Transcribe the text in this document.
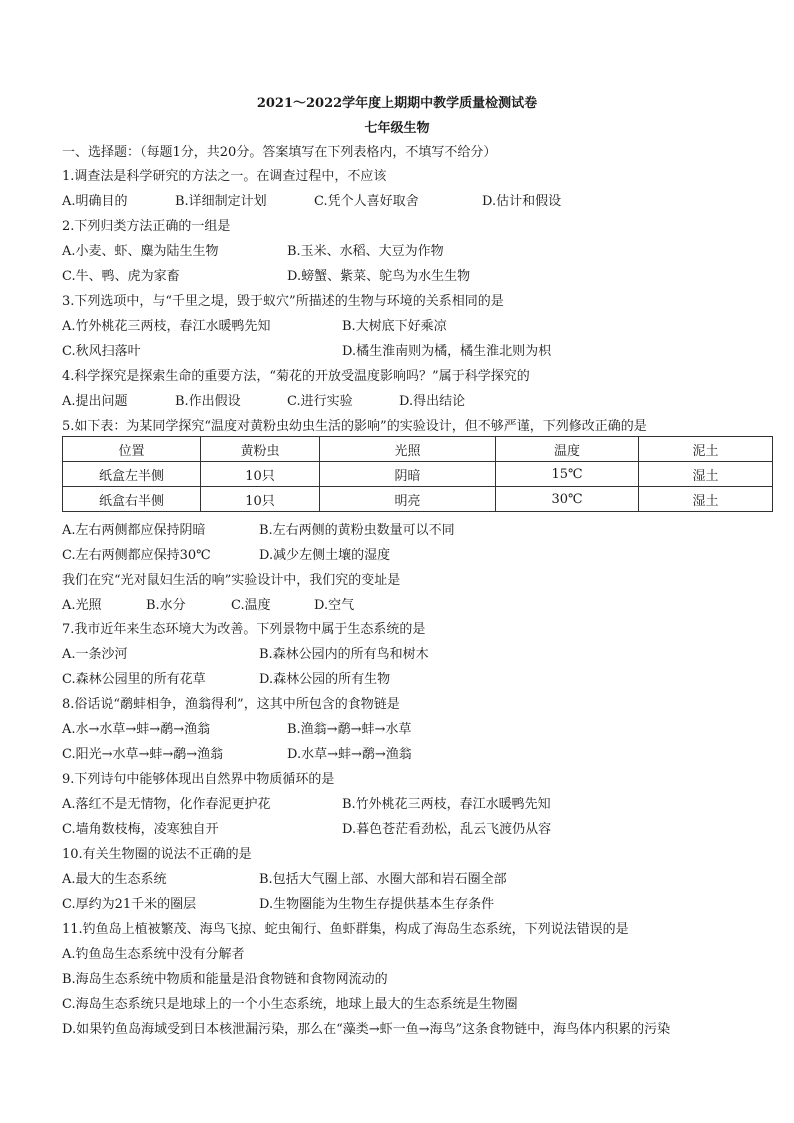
2021～2022学年度上期期中教学质量检测试卷
七年级生物
一、选择题：（每题1分，共20分。答案填写在下列表格内，不填写不给分）
1.调查法是科学研究的方法之一。在调查过程中，不应该
A.明确目的	B.详细制定计划	C.凭个人喜好取舍	D.估计和假设
2.下列归类方法正确的一组是
A.小麦、虾、麋为陆生生物	B.玉米、水稻、大豆为作物
C.牛、鸭、虎为家畜	D.螃蟹、紫菜、鸵鸟为水生生物
3.下列选项中，与“千里之堤，毁于蚁穴”所描述的生物与环境的关系相同的是
A.竹外桃花三两枝，春江水暖鸭先知	B.大树底下好乘凉
C.秋风扫落叶	D.橘生淮南则为橘，橘生淮北则为枳
4.科学探究是探索生命的重要方法，“菊花的开放受温度影响吗？”属于科学探究的
A.提出问题	B.作出假设	C.进行实验	D.得出结论
5.如下表：为某同学探究“温度对黄粉虫幼虫生活的影响”的实验设计，但不够严谨，下列修改正确的是
位置	黄粉虫	光照	温度	泥土
纸盒左半侧	10只	阴暗	15℃	湿土
纸盒右半侧	10只	明亮	30℃	湿土
A.左右两侧都应保持阴暗	B.左右两侧的黄粉虫数量可以不同
C.左右两侧都应保持30℃	D.减少左侧土壤的湿度
我们在究“光对鼠妇生活的响”实验设计中，我们究的变址是
A.光照	B.水分	C.温度	D.空气
7.我市近年来生态环境大为改善。下列景物中属于生态系统的是
A.一条沙河	B.森林公园内的所有鸟和树木
C.森林公园里的所有花草	D.森林公园的所有生物
8.俗话说“鹬蚌相争，渔翁得利”，这其中所包含的食物链是
A.水→水草→蚌→鹬→渔翁	B.渔翁→鹬→蚌→水草
C.阳光→水草→蚌→鹬→渔翁	D.水草→蚌→鹬→渔翁
9.下列诗句中能够体现出自然界中物质循环的是
A.落红不是无情物，化作春泥更护花	B.竹外桃花三两枝，春江水暖鸭先知
C.墙角数枝梅，凌寒独自开	D.暮色苍茫看劲松，乱云飞渡仍从容
10.有关生物圈的说法不正确的是
A.最大的生态系统	B.包括大气圈上部、水圈大部和岩石圈全部
C.厚约为21千米的圈层	D.生物圈能为生物生存提供基本生存条件
11.钓鱼岛上植被繁茂、海鸟飞掠、蛇虫匍行、鱼虾群集，构成了海岛生态系统，下列说法错误的是
A.钓鱼岛生态系统中没有分解者
B.海岛生态系统中物质和能量是沿食物链和食物网流动的
C.海岛生态系统只是地球上的一个小生态系统，地球上最大的生态系统是生物圈
D.如果钓鱼岛海域受到日本核泄漏污染，那么在“藻类→虾一鱼→海鸟”这条食物链中，海鸟体内积累的污染
